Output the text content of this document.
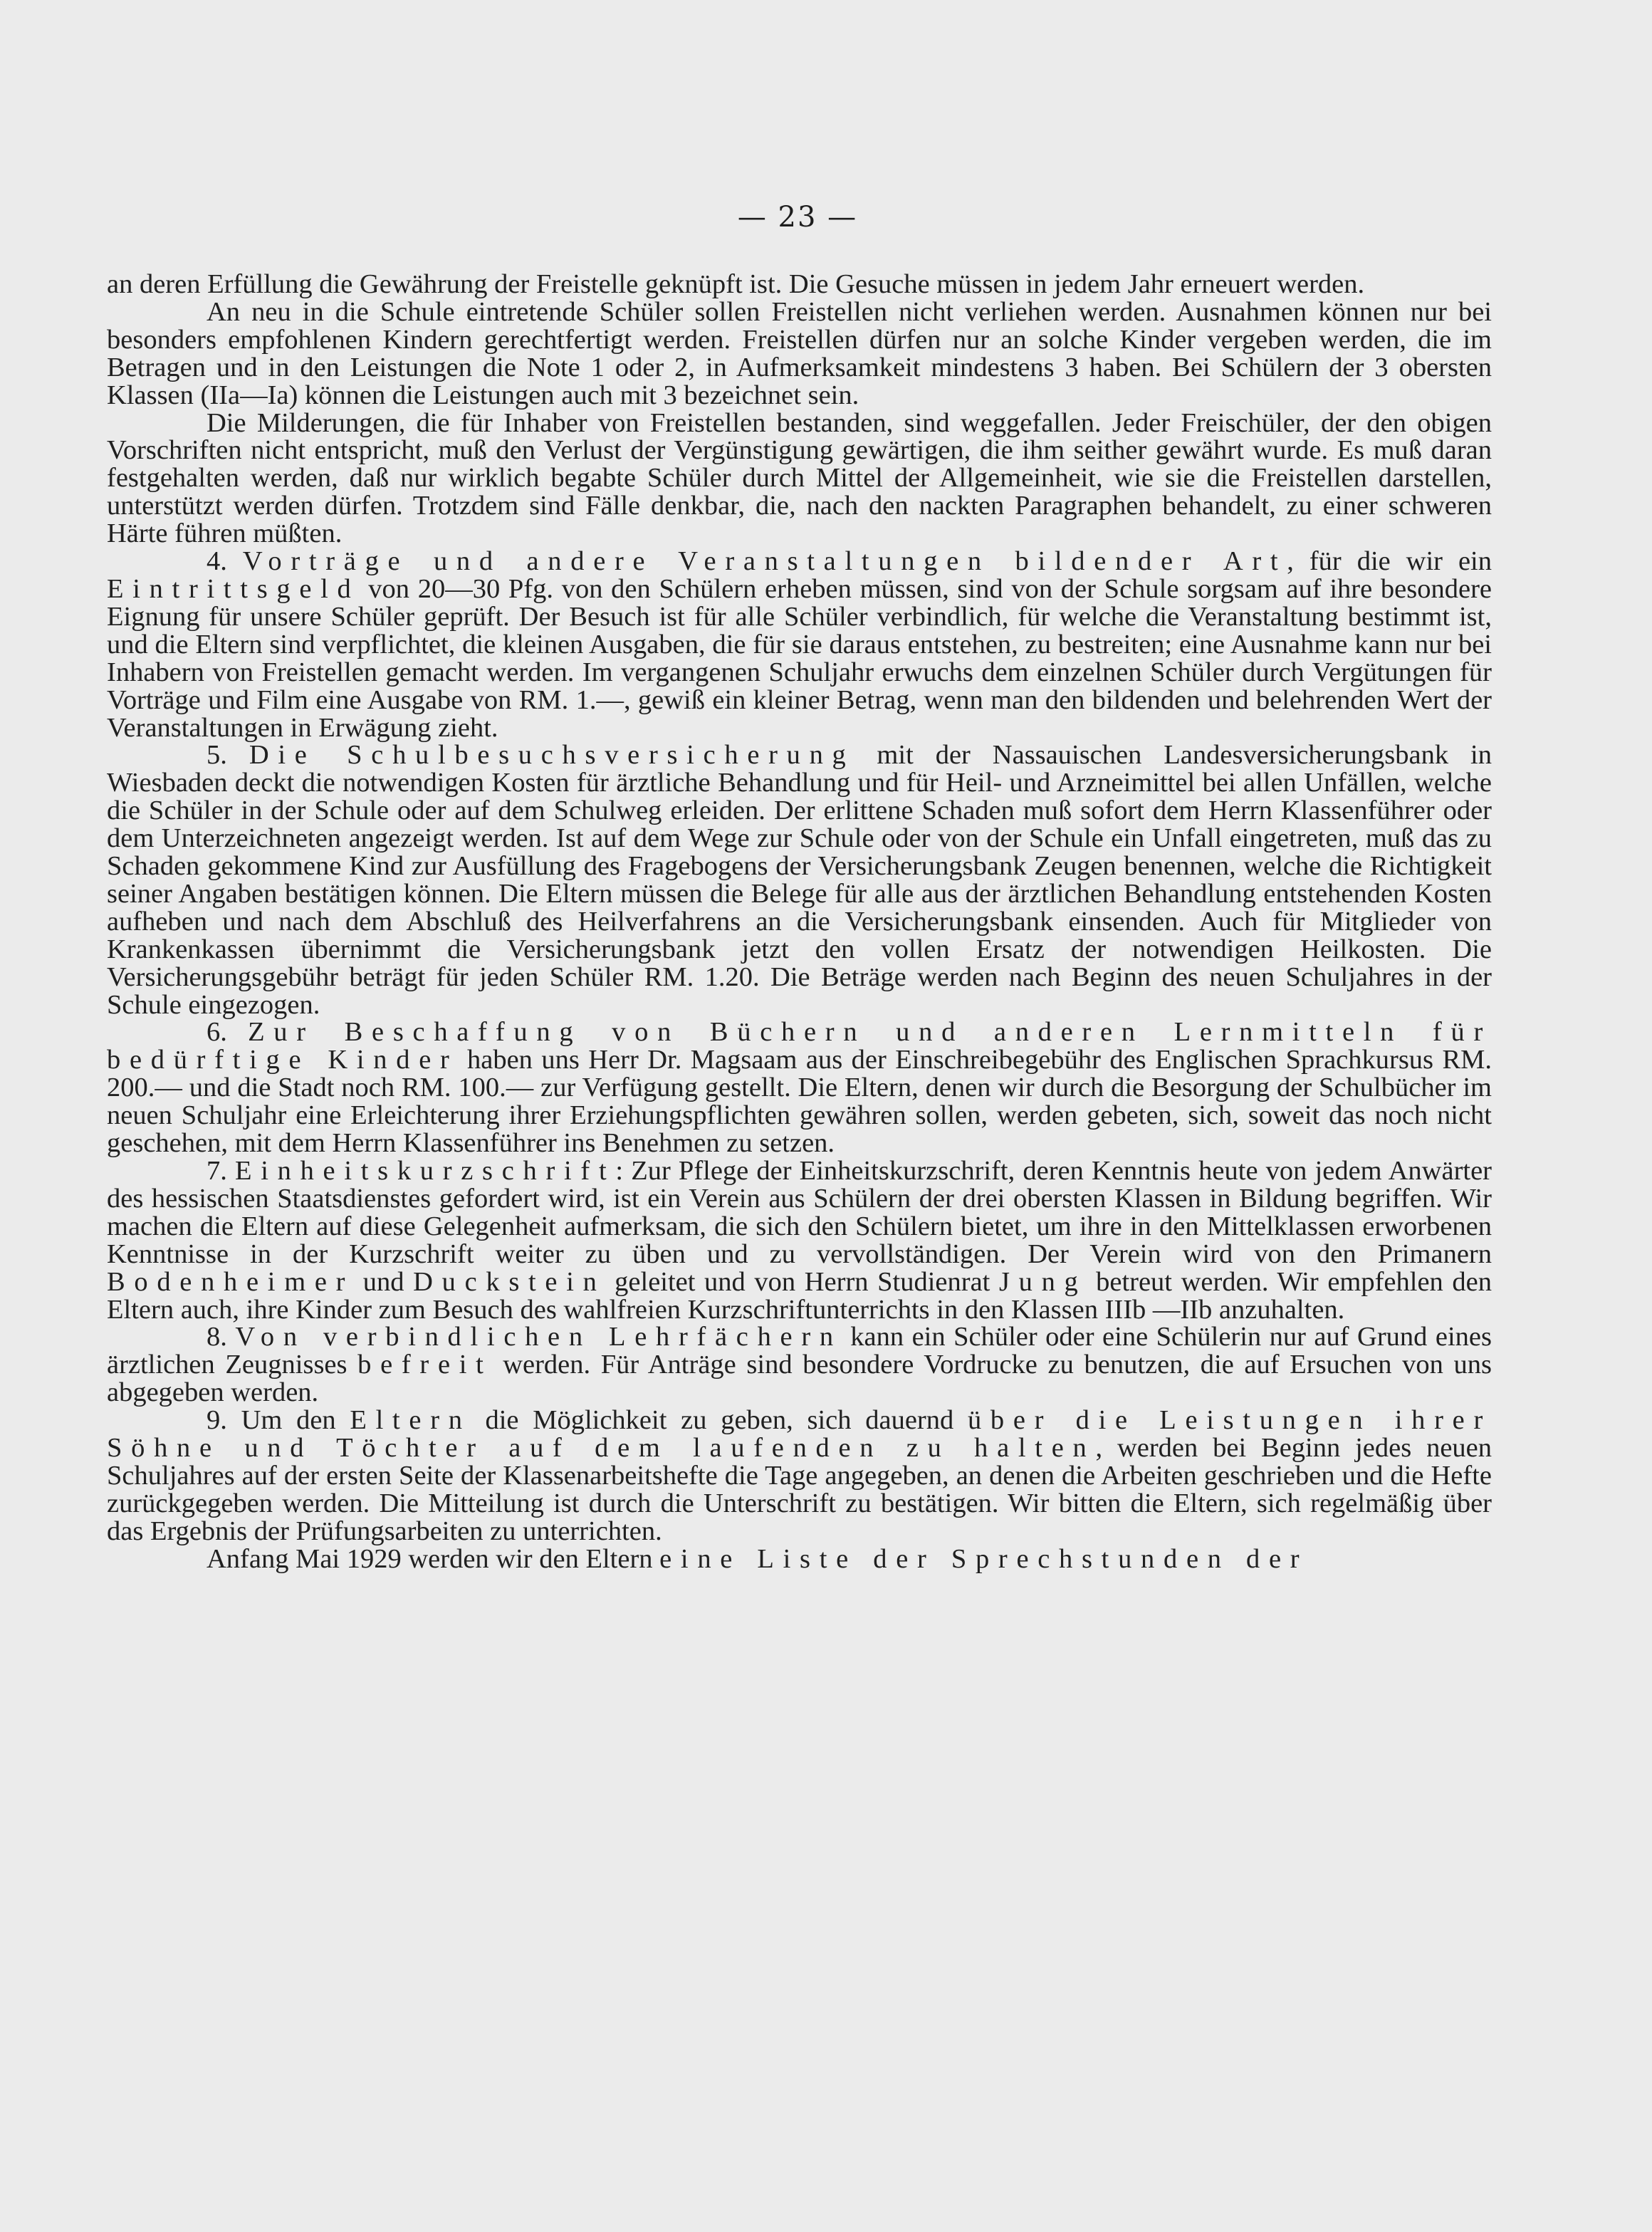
— 23 —

an deren Erfüllung die Gewährung der Freistelle geknüpft ist. Die Gesuche müssen in jedem Jahr erneuert werden.

An neu in die Schule eintretende Schüler sollen Freistellen nicht verliehen werden. Ausnahmen können nur bei besonders empfohlenen Kindern gerechtfertigt werden. Freistellen dürfen nur an solche Kinder vergeben werden, die im Betragen und in den Leistungen die Note 1 oder 2, in Aufmerksamkeit mindestens 3 haben. Bei Schülern der 3 obersten Klassen (IIa—Ia) können die Leistungen auch mit 3 bezeichnet sein.

Die Milderungen, die für Inhaber von Freistellen bestanden, sind weggefallen. Jeder Freischüler, der den obigen Vorschriften nicht entspricht, muß den Verlust der Vergünstigung gewärtigen, die ihm seither gewährt wurde. Es muß daran festgehalten werden, daß nur wirklich begabte Schüler durch Mittel der Allgemeinheit, wie sie die Freistellen darstellen, unterstützt werden dürfen. Trotzdem sind Fälle denkbar, die, nach den nackten Paragraphen behandelt, zu einer schweren Härte führen müßten.

4. Vorträge und andere Veranstaltungen bildender Art, für die wir ein Eintrittsgeld von 20—30 Pfg. von den Schülern erheben müssen, sind von der Schule sorgsam auf ihre besondere Eignung für unsere Schüler geprüft. Der Besuch ist für alle Schüler verbindlich, für welche die Veranstaltung bestimmt ist, und die Eltern sind verpflichtet, die kleinen Ausgaben, die für sie daraus entstehen, zu bestreiten; eine Ausnahme kann nur bei Inhabern von Freistellen gemacht werden. Im vergangenen Schuljahr erwuchs dem einzelnen Schüler durch Vergütungen für Vorträge und Film eine Ausgabe von RM. 1.—, gewiß ein kleiner Betrag, wenn man den bildenden und belehrenden Wert der Veranstaltungen in Erwägung zieht.

5. Die Schulbesuchsversicherung mit der Nassauischen Landesversicherungsbank in Wiesbaden deckt die notwendigen Kosten für ärztliche Behandlung und für Heil- und Arzneimittel bei allen Unfällen, welche die Schüler in der Schule oder auf dem Schulweg erleiden. Der erlittene Schaden muß sofort dem Herrn Klassenführer oder dem Unterzeichneten angezeigt werden. Ist auf dem Wege zur Schule oder von der Schule ein Unfall eingetreten, muß das zu Schaden gekommene Kind zur Ausfüllung des Fragebogens der Versicherungsbank Zeugen benennen, welche die Richtigkeit seiner Angaben bestätigen können. Die Eltern müssen die Belege für alle aus der ärztlichen Behandlung entstehenden Kosten aufheben und nach dem Abschluß des Heilverfahrens an die Versicherungsbank einsenden. Auch für Mitglieder von Krankenkassen übernimmt die Versicherungsbank jetzt den vollen Ersatz der notwendigen Heilkosten. Die Versicherungsgebühr beträgt für jeden Schüler RM. 1.20. Die Beträge werden nach Beginn des neuen Schuljahres in der Schule eingezogen.

6. Zur Beschaffung von Büchern und anderen Lernmitteln für bedürftige Kinder haben uns Herr Dr. Magsaam aus der Einschreibegebühr des Englischen Sprachkursus RM. 200.— und die Stadt noch RM. 100.— zur Verfügung gestellt. Die Eltern, denen wir durch die Besorgung der Schulbücher im neuen Schuljahr eine Erleichterung ihrer Erziehungspflichten gewähren sollen, werden gebeten, sich, soweit das noch nicht geschehen, mit dem Herrn Klassenführer ins Benehmen zu setzen.

7. Einheitskurzschrift: Zur Pflege der Einheitskurzschrift, deren Kenntnis heute von jedem Anwärter des hessischen Staatsdienstes gefordert wird, ist ein Verein aus Schülern der drei obersten Klassen in Bildung begriffen. Wir machen die Eltern auf diese Gelegenheit aufmerksam, die sich den Schülern bietet, um ihre in den Mittelklassen erworbenen Kenntnisse in der Kurzschrift weiter zu üben und zu vervollständigen. Der Verein wird von den Primanern Bodenheimer und Duckstein geleitet und von Herrn Studienrat Jung betreut werden. Wir empfehlen den Eltern auch, ihre Kinder zum Besuch des wahlfreien Kurzschriftunterrichts in den Klassen IIIb —IIb anzuhalten.

8. Von verbindlichen Lehrfächern kann ein Schüler oder eine Schülerin nur auf Grund eines ärztlichen Zeugnisses befreit werden. Für Anträge sind besondere Vordrucke zu benutzen, die auf Ersuchen von uns abgegeben werden.

9. Um den Eltern die Möglichkeit zu geben, sich dauernd über die Leistungen ihrer Söhne und Töchter auf dem laufenden zu halten, werden bei Beginn jedes neuen Schuljahres auf der ersten Seite der Klassenarbeitshefte die Tage angegeben, an denen die Arbeiten geschrieben und die Hefte zurückgegeben werden. Die Mitteilung ist durch die Unterschrift zu bestätigen. Wir bitten die Eltern, sich regelmäßig über das Ergebnis der Prüfungsarbeiten zu unterrichten.

Anfang Mai 1929 werden wir den Eltern eine Liste der Sprechstunden der
